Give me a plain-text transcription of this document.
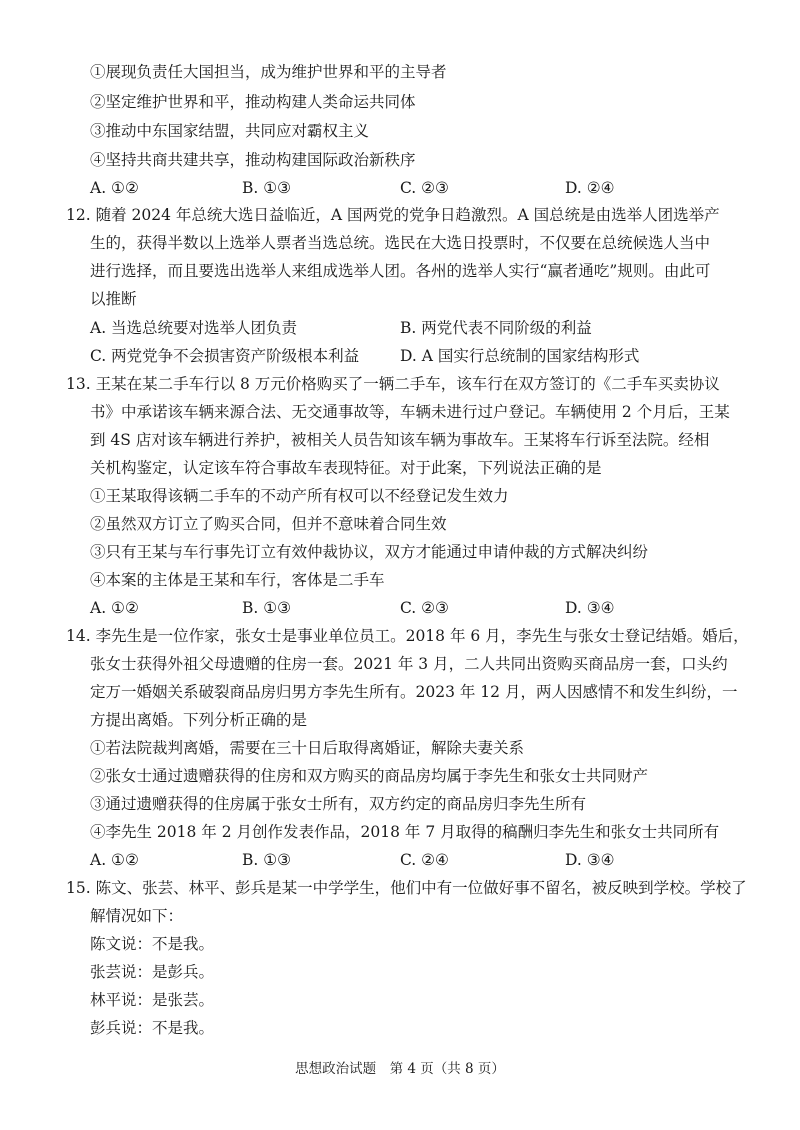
①展现负责任大国担当，成为维护世界和平的主导者
②坚定维护世界和平，推动构建人类命运共同体
③推动中东国家结盟，共同应对霸权主义
④坚持共商共建共享，推动构建国际政治新秩序
A. ①②	B. ①③	C. ②③	D. ②④
12. 随着 2024 年总统大选日益临近，A 国两党的党争日趋激烈。A 国总统是由选举人团选举产
生的，获得半数以上选举人票者当选总统。选民在大选日投票时，不仅要在总统候选人当中
进行选择，而且要选出选举人来组成选举人团。各州的选举人实行“赢者通吃”规则。由此可
以推断
A. 当选总统要对选举人团负责	B. 两党代表不同阶级的利益
C. 两党党争不会损害资产阶级根本利益	D. A 国实行总统制的国家结构形式
13. 王某在某二手车行以 8 万元价格购买了一辆二手车，该车行在双方签订的《二手车买卖协议
书》中承诺该车辆来源合法、无交通事故等，车辆未进行过户登记。车辆使用 2 个月后，王某
到 4S 店对该车辆进行养护，被相关人员告知该车辆为事故车。王某将车行诉至法院。经相
关机构鉴定，认定该车符合事故车表现特征。对于此案，下列说法正确的是
①王某取得该辆二手车的不动产所有权可以不经登记发生效力
②虽然双方订立了购买合同，但并不意味着合同生效
③只有王某与车行事先订立有效仲裁协议，双方才能通过申请仲裁的方式解决纠纷
④本案的主体是王某和车行，客体是二手车
A. ①②	B. ①③	C. ②③	D. ③④
14. 李先生是一位作家，张女士是事业单位员工。2018 年 6 月，李先生与张女士登记结婚。婚后，
张女士获得外祖父母遗赠的住房一套。2021 年 3 月，二人共同出资购买商品房一套，口头约
定万一婚姻关系破裂商品房归男方李先生所有。2023 年 12 月，两人因感情不和发生纠纷，一
方提出离婚。下列分析正确的是
①若法院裁判离婚，需要在三十日后取得离婚证，解除夫妻关系
②张女士通过遗赠获得的住房和双方购买的商品房均属于李先生和张女士共同财产
③通过遗赠获得的住房属于张女士所有，双方约定的商品房归李先生所有
④李先生 2018 年 2 月创作发表作品，2018 年 7 月取得的稿酬归李先生和张女士共同所有
A. ①②	B. ①③	C. ②④	D. ③④
15. 陈文、张芸、林平、彭兵是某一中学学生，他们中有一位做好事不留名，被反映到学校。学校了
解情况如下：
陈文说：不是我。
张芸说：是彭兵。
林平说：是张芸。
彭兵说：不是我。
思想政治试题　第 4 页（共 8 页）
